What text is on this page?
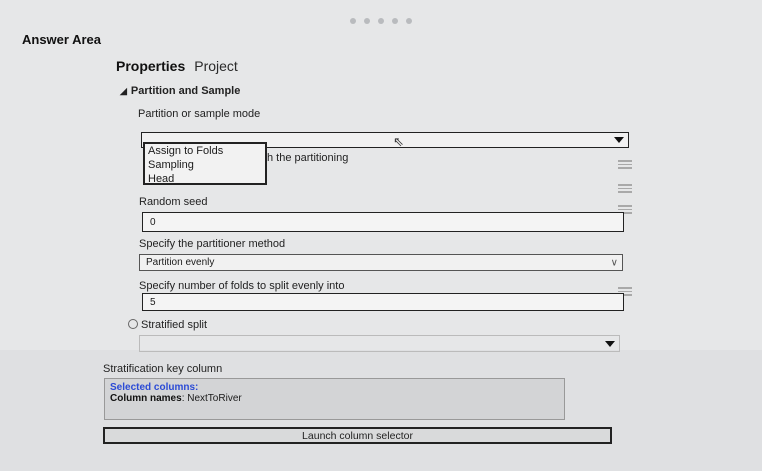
Answer Area
Properties Project
◢ Partition and Sample
Partition or sample mode
⇖
Assign to Folds
Sampling
Head
h the partitioning
Random seed
0
Specify the partitioner method
Partition evenly	∨
Specify number of folds to split evenly into
5
Stratified split
Stratification key column
Selected columns:
Column names: NextToRiver
Launch column selector
